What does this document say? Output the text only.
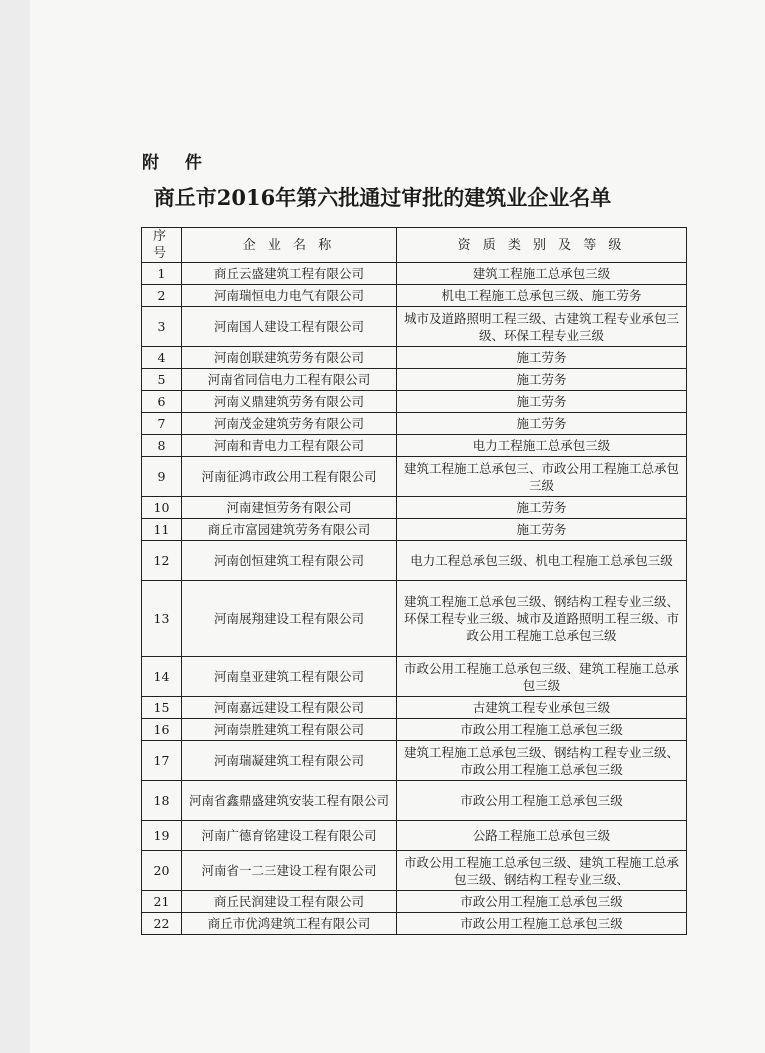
附 件
商丘市2016年第六批通过审批的建筑业企业名单
序号	企 业 名 称	资 质 类 别 及 等 级
1	商丘云盛建筑工程有限公司	建筑工程施工总承包三级
2	河南瑞恒电力电气有限公司	机电工程施工总承包三级、施工劳务
3	河南国人建设工程有限公司	城市及道路照明工程三级、古建筑工程专业承包三级、环保工程专业三级
4	河南创联建筑劳务有限公司	施工劳务
5	河南省同信电力工程有限公司	施工劳务
6	河南义鼎建筑劳务有限公司	施工劳务
7	河南茂金建筑劳务有限公司	施工劳务
8	河南和青电力工程有限公司	电力工程施工总承包三级
9	河南征鸿市政公用工程有限公司	建筑工程施工总承包三、市政公用工程施工总承包三级
10	河南建恒劳务有限公司	施工劳务
11	商丘市富园建筑劳务有限公司	施工劳务
12	河南创恒建筑工程有限公司	电力工程总承包三级、机电工程施工总承包三级
13	河南展翔建设工程有限公司	建筑工程施工总承包三级、钢结构工程专业三级、环保工程专业三级、城市及道路照明工程三级、市政公用工程施工总承包三级
14	河南皇亚建筑工程有限公司	市政公用工程施工总承包三级、建筑工程施工总承包三级
15	河南嘉远建设工程有限公司	古建筑工程专业承包三级
16	河南崇胜建筑工程有限公司	市政公用工程施工总承包三级
17	河南瑞凝建筑工程有限公司	建筑工程施工总承包三级、钢结构工程专业三级、市政公用工程施工总承包三级
18	河南省鑫鼎盛建筑安装工程有限公司	市政公用工程施工总承包三级
19	河南广德育铭建设工程有限公司	公路工程施工总承包三级
20	河南省一二三建设工程有限公司	市政公用工程施工总承包三级、建筑工程施工总承包三级、钢结构工程专业三级、
21	商丘民润建设工程有限公司	市政公用工程施工总承包三级
22	商丘市优鸿建筑工程有限公司	市政公用工程施工总承包三级
